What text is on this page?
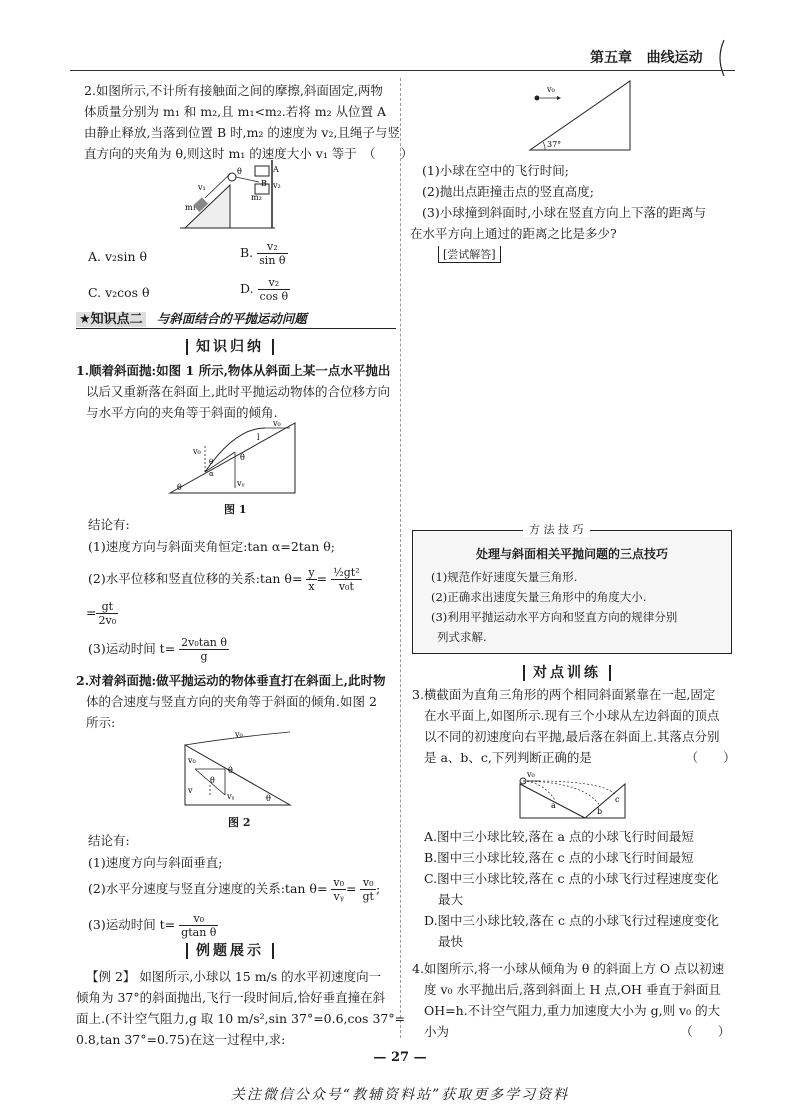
第五章 曲线运动
2.如图所示,不计所有接触面之间的摩擦,斜面固定,两物
体质量分别为 m₁ 和 m₂,且 m₁<m₂.若将 m₂ 从位置 A
由静止释放,当落到位置 B 时,m₂ 的速度为 v₂,且绳子与竖
直方向的夹角为 θ,则这时 m₁ 的速度大小 v₁ 等于　（　　）
v₁
m₁
θ
m₂
B v₂
A
A. v₂sin θ	B. $\frac{\text{v₂}}{\text{sin θ}}$
C. v₂cos θ	D. $\frac{\text{v₂}}{\text{cos θ}}$
★知识点二 与斜面结合的平抛运动问题
知识归纳
1.顺着斜面抛:如图 1 所示,物体从斜面上某一点水平抛出
以后又重新落在斜面上,此时平抛运动物体的合位移方向
与水平方向的夹角等于斜面的倾角.
v₀
v₀
θ
θ
θ
α
vᵧ
l
图 1
结论有:
(1)速度方向与斜面夹角恒定:tan α=2tan θ;
(2)水平位移和竖直位移的关系:tan $\theta= \frac{y}{x} = \frac{\text{½gt²}}{\text{v₀t}}$
= $\frac{gt}{\text{2v₀}}$
(3)运动时间 $t= \frac{\text{2v₀tan θ}}{g}$
2.对着斜面抛:做平抛运动的物体垂直打在斜面上,此时物
体的合速度与竖直方向的夹角等于斜面的倾角.如图 2
所示:
v₀
v₀
θ
θ
v
vᵧ	θ
图 2
结论有:
(1)速度方向与斜面垂直;
(2)水平分速度与竖直分速度的关系:tan $\theta= \frac{\text{v₀}}{\text{vᵧ}} = \frac{\text{v₀}}{gt}$ ;
(3)运动时间 $t= \frac{\text{v₀}}{\text{gtan θ}}$
例题展示
【例 2】 如图所示,小球以 15 m/s 的水平初速度向一
倾角为 37°的斜面抛出,飞行一段时间后,恰好垂直撞在斜
面上.(不计空气阻力,g 取 10 m/s²,sin 37°=0.6,cos 37°=
0.8,tan 37°=0.75)在这一过程中,求:
v₀
37°
(1)小球在空中的飞行时间;
(2)抛出点距撞击点的竖直高度;
(3)小球撞到斜面时,小球在竖直方向上下落的距离与
在水平方向上通过的距离之比是多少?
[尝试解答]
方 法 技 巧
处理与斜面相关平抛问题的三点技巧
(1)规范作好速度矢量三角形.
(2)正确求出速度矢量三角形中的角度大小.
(3)利用平抛运动水平方向和竖直方向的规律分别
列式求解.
对点训练
3.横截面为直角三角形的两个相同斜面紧靠在一起,固定
在水平面上,如图所示.现有三个小球从左边斜面的顶点
以不同的初速度向右平抛,最后落在斜面上.其落点分别
是 a、b、c,下列判断正确的是　　　　　　　　（　　）
v₀
a
b
c
A.图中三小球比较,落在 a 点的小球飞行时间最短
B.图中三小球比较,落在 c 点的小球飞行时间最短
C.图中三小球比较,落在 c 点的小球飞行过程速度变化
最大
D.图中三小球比较,落在 c 点的小球飞行过程速度变化
最快
4.如图所示,将一小球从倾角为 θ 的斜面上方 O 点以初速
度 v₀ 水平抛出后,落到斜面上 H 点,OH 垂直于斜面且
OH=h.不计空气阻力,重力加速度大小为 g,则 v₀ 的大
小为　　　　　　　　　　　　　　　　　　　（　　）
— 27 —
关注微信公众号“教辅资料站”获取更多学习资料
